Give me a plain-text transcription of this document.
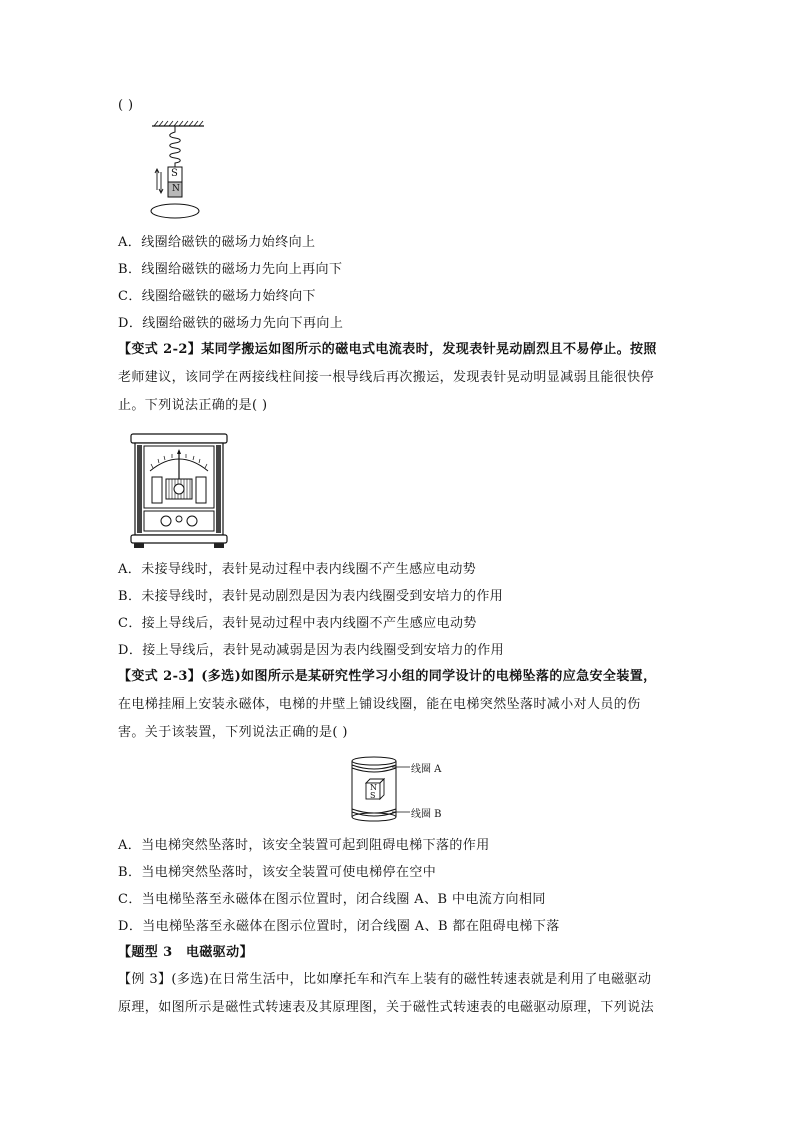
( )
S
N
A．线圈给磁铁的磁场力始终向上
B．线圈给磁铁的磁场力先向上再向下
C．线圈给磁铁的磁场力始终向下
D．线圈给磁铁的磁场力先向下再向上
【变式 2-2】某同学搬运如图所示的磁电式电流表时，发现表针晃动剧烈且不易停止。按照
老师建议，该同学在两接线柱间接一根导线后再次搬运，发现表针晃动明显减弱且能很快停
止。下列说法正确的是( )
A．未接导线时，表针晃动过程中表内线圈不产生感应电动势
B．未接导线时，表针晃动剧烈是因为表内线圈受到安培力的作用
C．接上导线后，表针晃动过程中表内线圈不产生感应电动势
D．接上导线后，表针晃动减弱是因为表内线圈受到安培力的作用
【变式 2-3】(多选)如图所示是某研究性学习小组的同学设计的电梯坠落的应急安全装置，
在电梯挂厢上安装永磁体，电梯的井壁上铺设线圈，能在电梯突然坠落时减小对人员的伤
害。关于该装置，下列说法正确的是( )
N
S
线圈 A
线圈 B
A．当电梯突然坠落时，该安全装置可起到阻碍电梯下落的作用
B．当电梯突然坠落时，该安全装置可使电梯停在空中
C．当电梯坠落至永磁体在图示位置时，闭合线圈 A、B 中电流方向相同
D．当电梯坠落至永磁体在图示位置时，闭合线圈 A、B 都在阻碍电梯下落
【题型 3　电磁驱动】
【例 3】(多选)在日常生活中，比如摩托车和汽车上装有的磁性转速表就是利用了电磁驱动
原理，如图所示是磁性式转速表及其原理图，关于磁性式转速表的电磁驱动原理，下列说法
